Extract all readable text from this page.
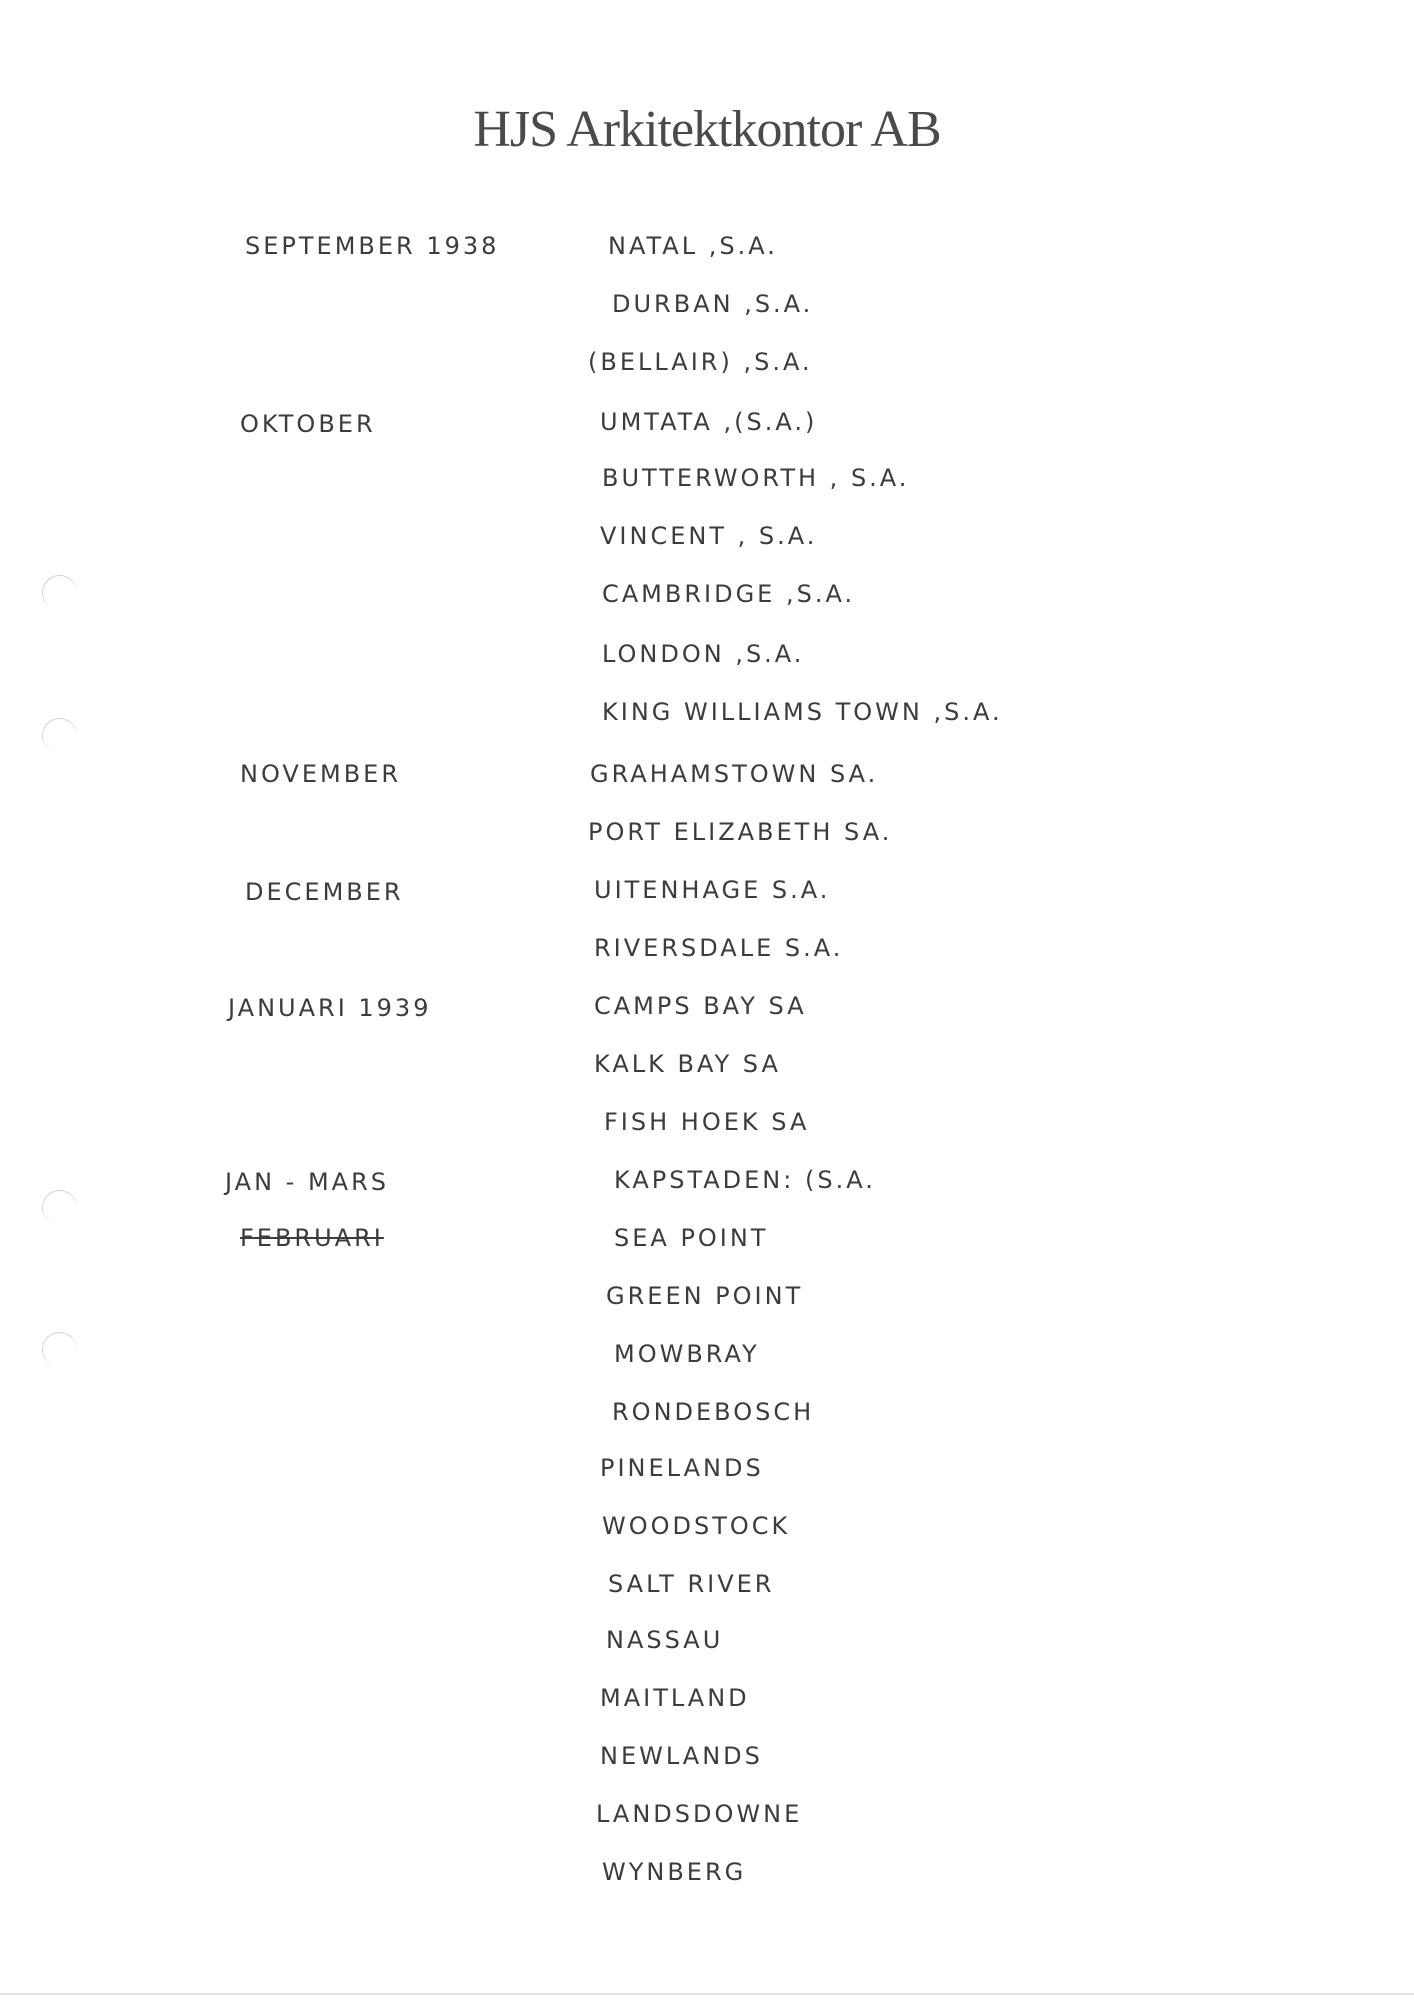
HJS Arkitektkontor AB
SEPTEMBER 1938
OKTOBER
NOVEMBER
DECEMBER
JANUARI 1939
JAN - MARS
FEBRUARI
NATAL ,S.A.
DURBAN ,S.A.
(BELLAIR) ,S.A.
UMTATA ,(S.A.)
BUTTERWORTH , S.A.
VINCENT , S.A.
CAMBRIDGE ,S.A.
LONDON ,S.A.
KING WILLIAMS TOWN ,S.A.
GRAHAMSTOWN SA.
PORT ELIZABETH SA.
UITENHAGE S.A.
RIVERSDALE S.A.
CAMPS BAY SA
KALK BAY SA
FISH HOEK SA
KAPSTADEN: (S.A.
SEA POINT
GREEN POINT
MOWBRAY
RONDEBOSCH
PINELANDS
WOODSTOCK
SALT RIVER
NASSAU
MAITLAND
NEWLANDS
LANDSDOWNE
WYNBERG
